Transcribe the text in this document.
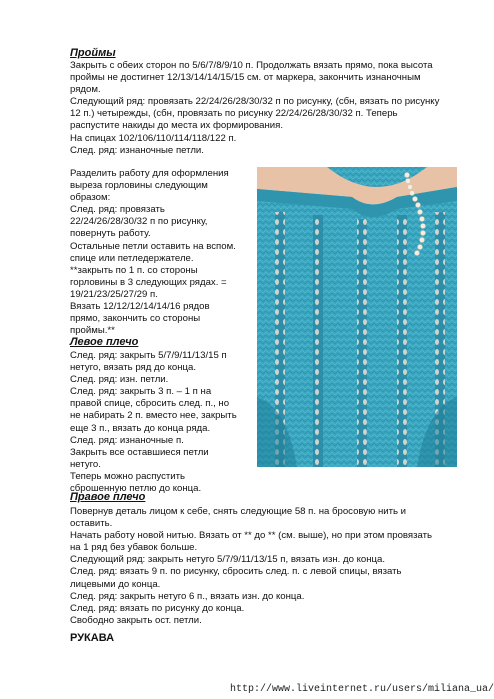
Проймы
Закрыть с обеих сторон по 5/6/7/8/9/10 п. Продолжать вязать прямо, пока высота
проймы не достигнет 12/13/14/14/15/15 см. от маркера, закончить изнаночным
рядом.
Следующий ряд: провязать 22/24/26/28/30/32 п по рисунку, (сбн, вязать по рисунку
12 п.) четырежды, (сбн, провязать по рисунку 22/24/26/28/30/32 п. Теперь
распустите накиды до места их формирования.
На спицах 102/106/110/114/118/122 п.
След. ряд: изнаночные петли.
Разделить работу для оформления
выреза горловины следующим
образом:
След. ряд: провязать
22/24/26/28/30/32 п по рисунку,
повернуть работу.
Остальные петли оставить на вспом.
спице или петледержателе.
**закрыть по 1 п. со стороны
горловины в 3 следующих рядах. =
19/21/23/25/27/29 п.
Вязать 12/12/12/14/14/16 рядов
прямо, закончить со стороны
проймы.**
Левое плечо
След. ряд: закрыть 5/7/9/11/13/15 п
нетуго, вязать ряд до конца.
След. ряд: изн. петли.
След. ряд: закрыть 3 п. – 1 п на
правой спице, сбросить след. п., но
не набирать 2 п. вместо нее, закрыть
еще 3 п., вязать до конца ряда.
След. ряд: изнаночные п.
Закрыть все оставшиеся петли
нетуго.
Теперь можно распустить
сброшенную петлю до конца.
Правое плечо
Повернув деталь лицом к себе, снять следующие 58 п. на бросовую нить и
оставить.
Начать работу новой нитью. Вязать от ** до ** (см. выше), но при этом провязать
на 1 ряд без убавок больше.
Следующий ряд: закрыть нетуго 5/7/9/11/13/15 п, вязать изн. до конца.
След. ряд: вязать 9 п. по рисунку, сбросить след. п. с левой спицы, вязать
лицевыми до конца.
След. ряд: закрыть нетуго 6 п., вязать изн. до конца.
След. ряд: вязать по рисунку до конца.
Свободно закрыть ост. петли.
РУКАВА
http://www.liveinternet.ru/users/miliana_ua/
